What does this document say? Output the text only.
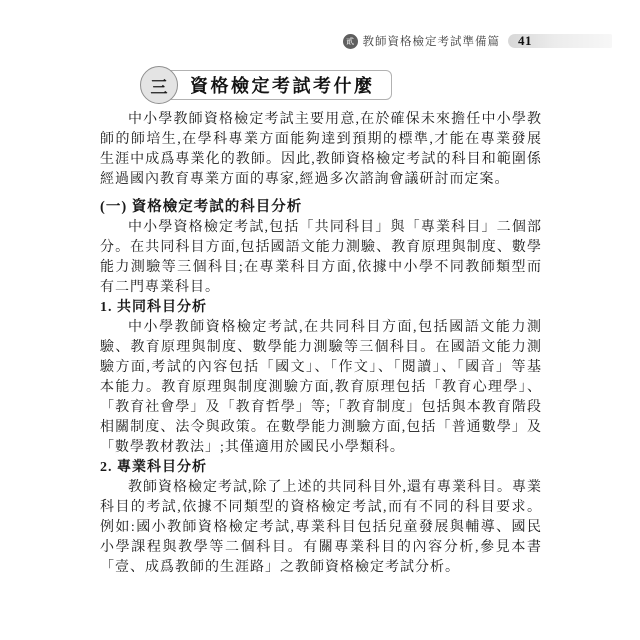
貳 教師資格檢定考試準備篇 41
三	資格檢定考試考什麼

中小學教師資格檢定考試主要用意,在於確保未來擔任中小學教師的師培生,在學科專業方面能夠達到預期的標準,才能在專業發展生涯中成爲專業化的教師。因此,教師資格檢定考試的科目和範圍係經過國內教育專業方面的專家,經過多次諮詢會議研討而定案。

(一) 資格檢定考試的科目分析

中小學資格檢定考試,包括「共同科目」與「專業科目」二個部分。在共同科目方面,包括國語文能力測驗、教育原理與制度、數學能力測驗等三個科目;在專業科目方面,依據中小學不同教師類型而有二門專業科目。

1. 共同科目分析

中小學教師資格檢定考試,在共同科目方面,包括國語文能力測驗、教育原理與制度、數學能力測驗等三個科目。在國語文能力測驗方面,考試的內容包括「國文」、「作文」、「閱讀」、「國音」等基本能力。教育原理與制度測驗方面,教育原理包括「教育心理學」、「教育社會學」及「教育哲學」等;「教育制度」包括與本教育階段相關制度、法令與政策。在數學能力測驗方面,包括「普通數學」及「數學教材教法」;其僅適用於國民小學類科。

2. 專業科目分析

教師資格檢定考試,除了上述的共同科目外,還有專業科目。專業科目的考試,依據不同類型的資格檢定考試,而有不同的科目要求。例如:國小教師資格檢定考試,專業科目包括兒童發展與輔導、國民小學課程與教學等二個科目。有關專業科目的內容分析,參見本書「壹、成爲教師的生涯路」之教師資格檢定考試分析。
